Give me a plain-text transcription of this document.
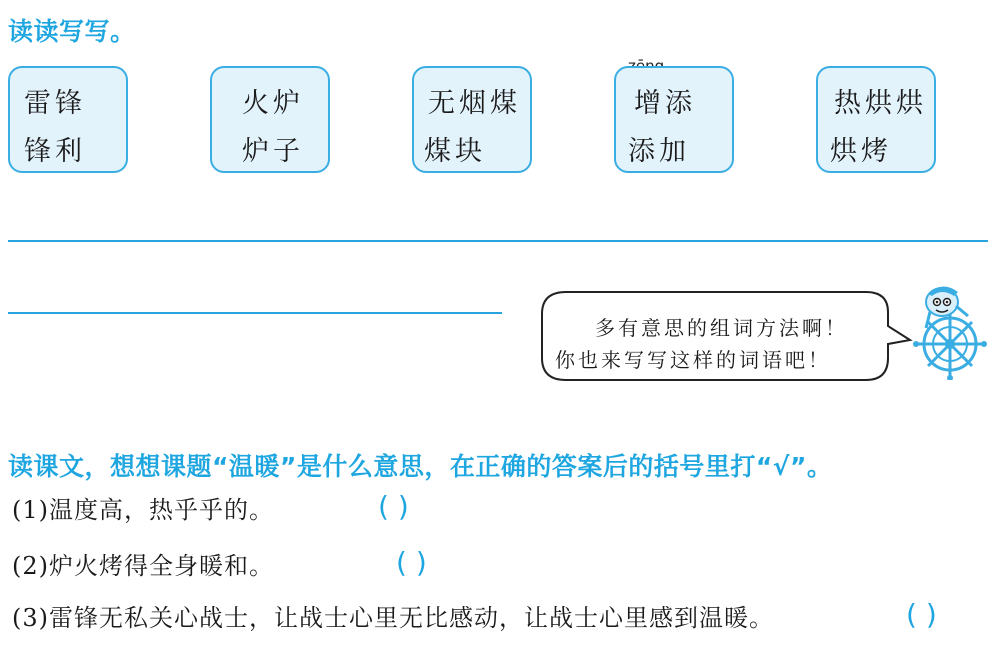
读读写写。
雷锋
锋利
火炉
炉子
无烟煤
煤块
增添
添加
热烘烘
烘烤
多有意思的组词方法啊！
你也来写写这样的词语吧！
读课文，想想课题“温暖”是什么意思，在正确的答案后的括号里打“√”。
(1)温度高，热乎乎的。	( )
(2)炉火烤得全身暖和。	( )
(3)雷锋无私关心战士，让战士心里无比感动，让战士心里感到温暖。	( )
